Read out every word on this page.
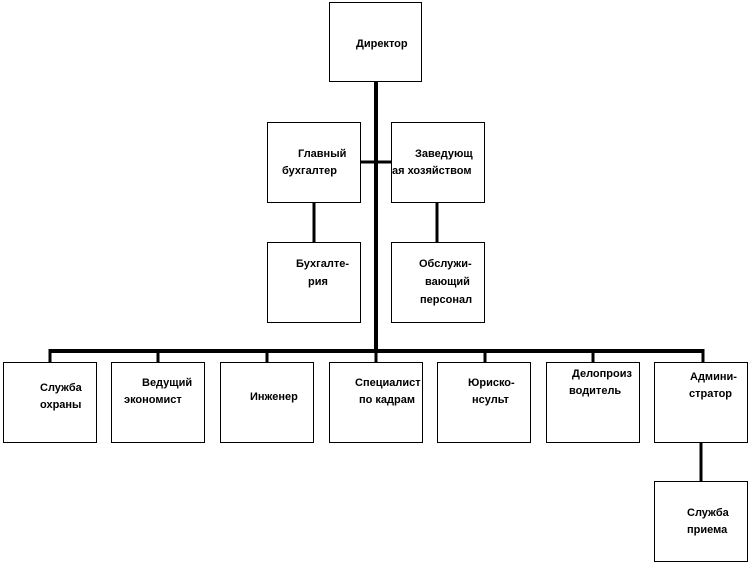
Директор
Главный
бухгалтер
Заведующ
ая хозяйством
Бухгалте-
рия
Обслужи-
вающий
персонал
Служба
охраны
Ведущий
экономист	Инженер
Специалист
по кадрам
Юриско-
нсульт
Делопроиз
водитель
Админи-
стратор
Служба
приема
